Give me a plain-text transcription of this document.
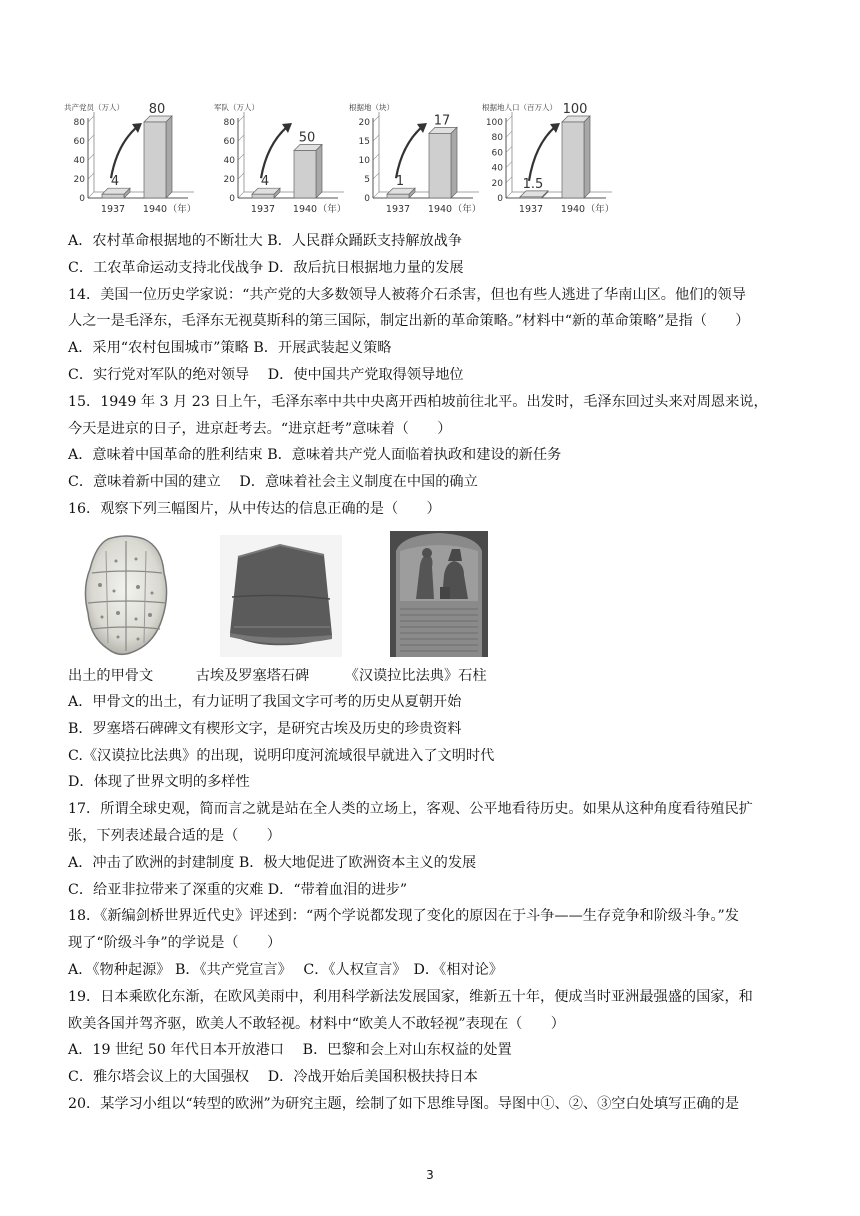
共产党员（万人）
0
20
40
60
80
4
1937
80
1940 （年）
军队（万人）
0
20
40
60
80
4
1937
50
1940 （年）
根据地（块）
0
5
10
15
20
1
1937
17
1940 （年）
根据地人口（百万人）
0
20
40
60
80
100
1.5
1937
100
1940 （年）
A．农村革命根据地的不断壮大 B．人民群众踊跃支持解放战争
C．工农革命运动支持北伐战争 D．敌后抗日根据地力量的发展
14．美国一位历史学家说：“共产党的大多数领导人被蒋介石杀害，但也有些人逃进了华南山区。他们的领导
人之一是毛泽东，毛泽东无视莫斯科的第三国际，制定出新的革命策略。”材料中“新的革命策略”是指（　　）
A．采用“农村包围城市”策略 B．开展武装起义策略
C．实行党对军队的绝对领导　 D．使中国共产党取得领导地位
15．1949 年 3 月 23 日上午，毛泽东率中共中央离开西柏坡前往北平。出发时，毛泽东回过头来对周恩来说，
今天是进京的日子，进京赶考去。“进京赶考”意味着（　　）
A．意味着中国革命的胜利结束 B．意味着共产党人面临着执政和建设的新任务
C．意味着新中国的建立　 D．意味着社会主义制度在中国的确立
16．观察下列三幅图片，从中传达的信息正确的是（　　）
出土的甲骨文　　　古埃及罗塞塔石碑　　　《汉谟拉比法典》石柱
A．甲骨文的出土，有力证明了我国文字可考的历史从夏朝开始
B．罗塞塔石碑碑文有楔形文字，是研究古埃及历史的珍贵资料
C.《汉谟拉比法典》的出现，说明印度河流域很早就进入了文明时代
D．体现了世界文明的多样性
17．所谓全球史观，简而言之就是站在全人类的立场上，客观、公平地看待历史。如果从这种角度看待殖民扩
张，下列表述最合适的是（　　）
A．冲击了欧洲的封建制度 B．极大地促进了欧洲资本主义的发展
C．给亚非拉带来了深重的灾难 D．“带着血泪的进步”
18．《新编剑桥世界近代史》评述到：“两个学说都发现了变化的原因在于斗争——生存竞争和阶级斗争。”发
现了“阶级斗争”的学说是（　　）
A．《物种起源》 B．《共产党宣言》　 C．《人权宣言》　D．《相对论》
19．日本乘欧化东渐，在欧风美雨中，利用科学新法发展国家，维新五十年，便成当时亚洲最强盛的国家，和
欧美各国并驾齐驱，欧美人不敢轻视。材料中“欧美人不敢轻视”表现在（　　）
A．19 世纪 50 年代日本开放港口　 B．巴黎和会上对山东权益的处置
C．雅尔塔会议上的大国强权　 D．冷战开始后美国积极扶持日本
20．某学习小组以“转型的欧洲”为研究主题，绘制了如下思维导图。导图中①、②、③空白处填写正确的是
3
